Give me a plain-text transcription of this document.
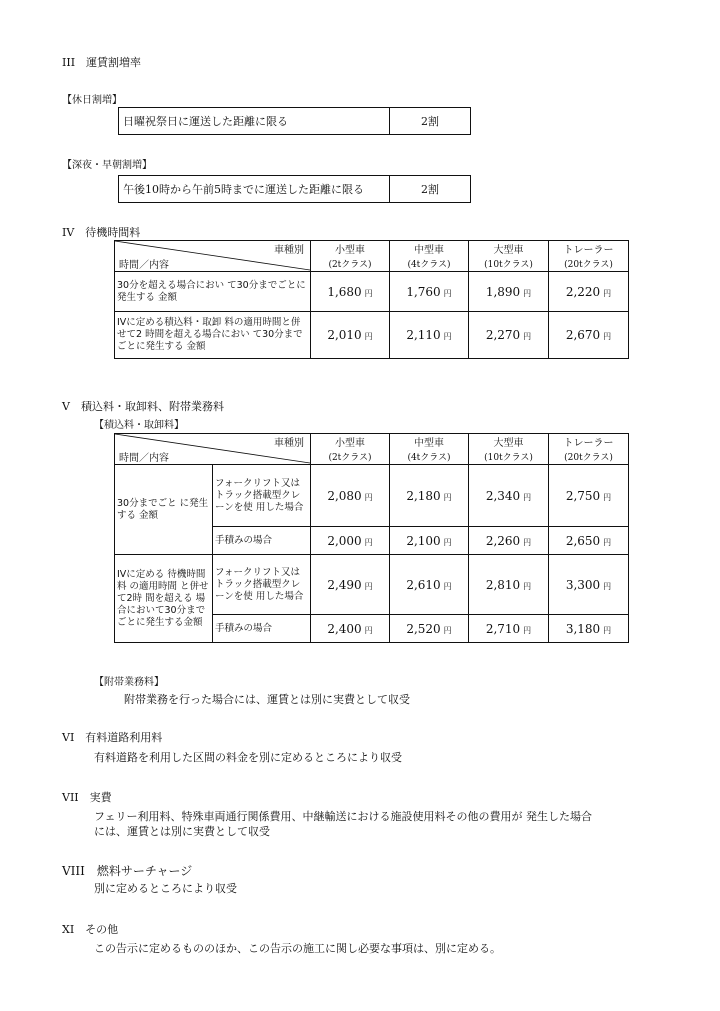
III　運賃割増率
【休日割増】
日曜祝祭日に運送した距離に限る	2割
【深夜・早朝割増】
午後10時から午前5時までに運送した距離に限る	2割
IV　待機時間料
車種別	小型車	中型車	大型車	トレーラー
時間／内容	(2tクラス)	(4tクラス)	(10tクラス)	(20tクラス)
30分を超える場合におい て30分までごとに発生する 金額	1,680 円	1,760 円	1,890 円	2,220 円
IVに定める積込料・取卸 料の適用時間と併せて2 時間を超える場合におい て30分までごとに発生する 金額	2,010 円	2,110 円	2,270 円	2,670 円
V　積込料・取卸料、附帯業務料
【積込料・取卸料】
車種別		小型車	中型車	大型車	トレーラー
時間／内容		(2tクラス)	(4tクラス)	(10tクラス)	(20tクラス)
30分までごと に発生する 金額	フォークリフト又はトラック搭載型クレーンを使 用した場合	2,080 円	2,180 円	2,340 円	2,750 円
	手積みの場合	2,000 円	2,100 円	2,260 円	2,650 円
IVに定める 待機時間料 の適用時間 と併せて2時 間を超える 場合において30分まで ごとに発生する金額	フォークリフト又はトラック搭載型クレーンを使 用した場合	2,490 円	2,610 円	2,810 円	3,300 円
	手積みの場合	2,400 円	2,520 円	2,710 円	3,180 円
【附帯業務料】
附帯業務を行った場合には、運賃とは別に実費として収受
VI　有料道路利用料
有料道路を利用した区間の料金を別に定めるところにより収受
VII　実費
フェリー利用料、特殊車両通行関係費用、中継輸送における施設使用料その他の費用が 発生した場合
には、運賃とは別に実費として収受
VIII　燃料サーチャージ
別に定めるところにより収受
XI　その他
この告示に定めるもののほか、この告示の施工に関し必要な事項は、別に定める。
